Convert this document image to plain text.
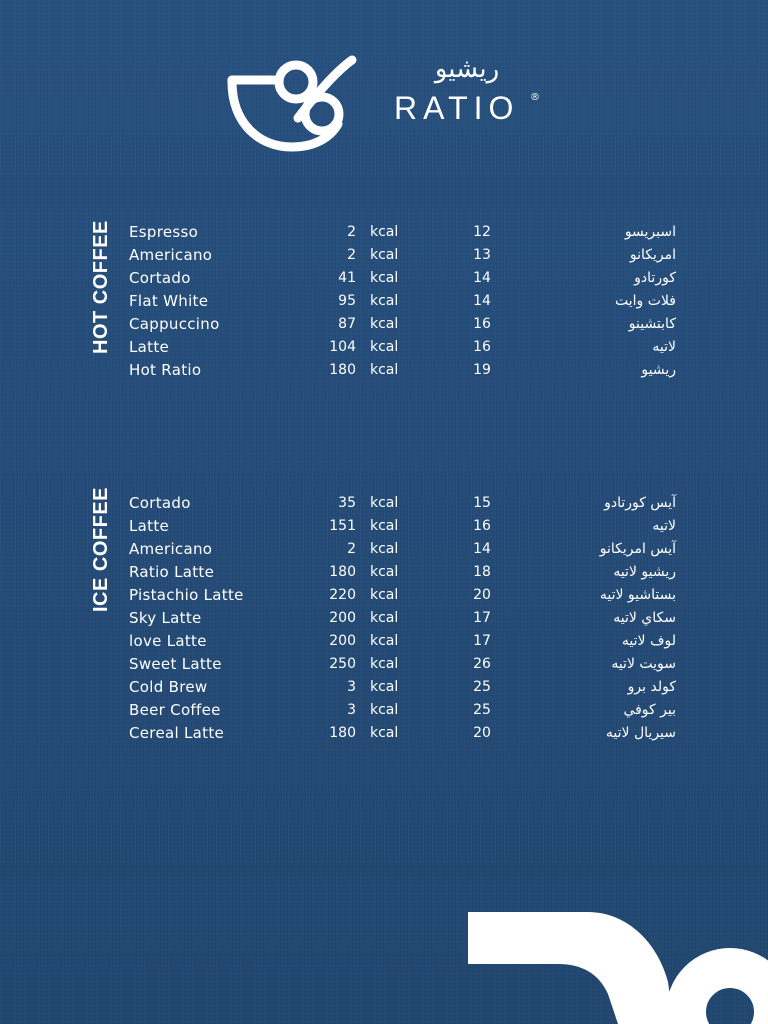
ريشيو
RATIO ®
HOT COFFEE Espresso	2 kcal	12	اسبريسو
Americano	2 kcal	13	امريكانو
Cortado	41 kcal	14	كورتادو
Flat White	95 kcal	14	فلات وايت
Cappuccino	87 kcal	16	كابتشينو
Latte	104 kcal	16	لاتيه
Hot Ratio	180 kcal	19	ريشيو
ICE COFFEE Cortado	35 kcal	15	آيس كورتادو
Latte	151 kcal	16	لاتيه
Americano	2 kcal	14	آيس امريكانو
Ratio Latte	180 kcal	18	ريشيو لاتيه
Pistachio Latte	220 kcal	20	بستاشيو لاتيه
Sky Latte	200 kcal	17	سكاي لاتيه
love Latte	200 kcal	17	لوف لاتيه
Sweet Latte	250 kcal	26	سويت لاتيه
Cold Brew	3 kcal	25	كولد برو
Beer Coffee	3 kcal	25	بير كوفي
Cereal Latte	180 kcal	20	سيريال لاتيه
